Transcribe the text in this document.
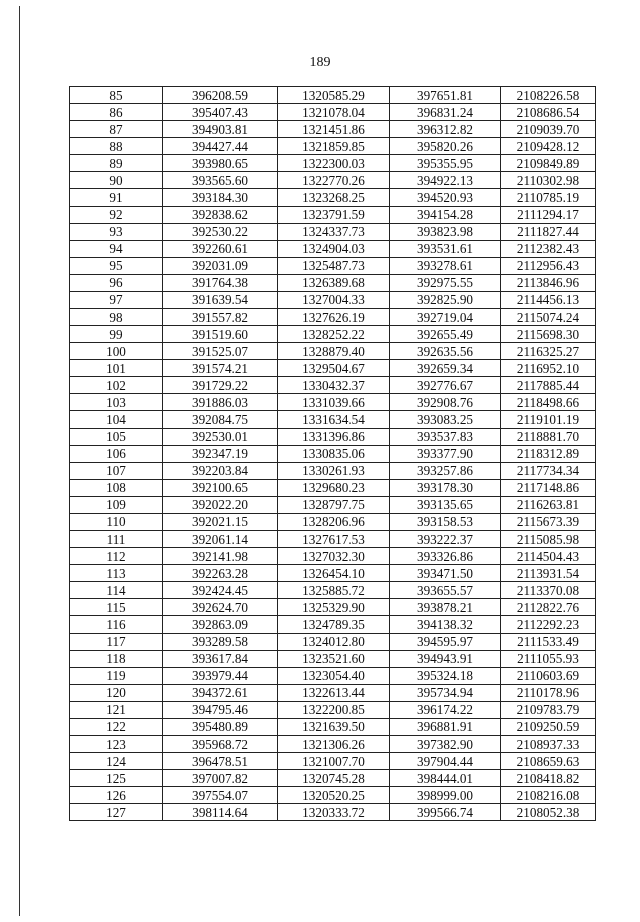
189
85	396208.59	1320585.29	397651.81	2108226.58
86	395407.43	1321078.04	396831.24	2108686.54
87	394903.81	1321451.86	396312.82	2109039.70
88	394427.44	1321859.85	395820.26	2109428.12
89	393980.65	1322300.03	395355.95	2109849.89
90	393565.60	1322770.26	394922.13	2110302.98
91	393184.30	1323268.25	394520.93	2110785.19
92	392838.62	1323791.59	394154.28	2111294.17
93	392530.22	1324337.73	393823.98	2111827.44
94	392260.61	1324904.03	393531.61	2112382.43
95	392031.09	1325487.73	393278.61	2112956.43
96	391764.38	1326389.68	392975.55	2113846.96
97	391639.54	1327004.33	392825.90	2114456.13
98	391557.82	1327626.19	392719.04	2115074.24
99	391519.60	1328252.22	392655.49	2115698.30
100	391525.07	1328879.40	392635.56	2116325.27
101	391574.21	1329504.67	392659.34	2116952.10
102	391729.22	1330432.37	392776.67	2117885.44
103	391886.03	1331039.66	392908.76	2118498.66
104	392084.75	1331634.54	393083.25	2119101.19
105	392530.01	1331396.86	393537.83	2118881.70
106	392347.19	1330835.06	393377.90	2118312.89
107	392203.84	1330261.93	393257.86	2117734.34
108	392100.65	1329680.23	393178.30	2117148.86
109	392022.20	1328797.75	393135.65	2116263.81
110	392021.15	1328206.96	393158.53	2115673.39
111	392061.14	1327617.53	393222.37	2115085.98
112	392141.98	1327032.30	393326.86	2114504.43
113	392263.28	1326454.10	393471.50	2113931.54
114	392424.45	1325885.72	393655.57	2113370.08
115	392624.70	1325329.90	393878.21	2112822.76
116	392863.09	1324789.35	394138.32	2112292.23
117	393289.58	1324012.80	394595.97	2111533.49
118	393617.84	1323521.60	394943.91	2111055.93
119	393979.44	1323054.40	395324.18	2110603.69
120	394372.61	1322613.44	395734.94	2110178.96
121	394795.46	1322200.85	396174.22	2109783.79
122	395480.89	1321639.50	396881.91	2109250.59
123	395968.72	1321306.26	397382.90	2108937.33
124	396478.51	1321007.70	397904.44	2108659.63
125	397007.82	1320745.28	398444.01	2108418.82
126	397554.07	1320520.25	398999.00	2108216.08
127	398114.64	1320333.72	399566.74	2108052.38
